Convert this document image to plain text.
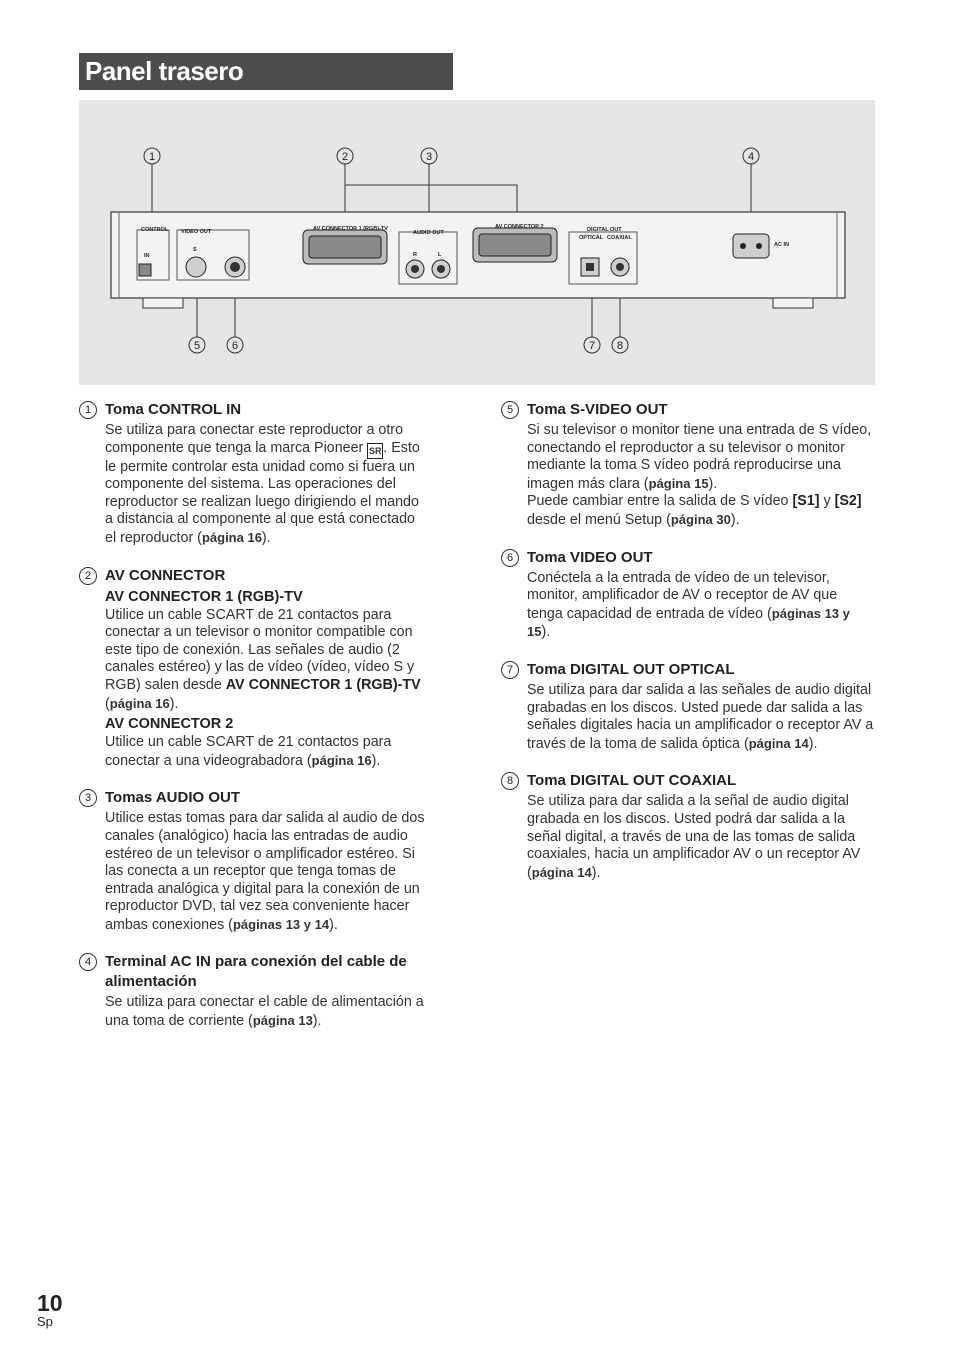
Panel trasero
1	2	3	4
5	6	7 8
CONTROL
IN
VIDEO OUT
S
AV CONNECTOR 1 (RGB)-TV
AUDIO OUT
R	L
AV CONNECTOR 2	DIGITAL OUT
OPTICAL COAXIAL
AC IN
1 Toma CONTROL IN
Se utiliza para conectar este reproductor a otro componente que tenga la marca Pioneer SR . Esto le permite controlar esta unidad como si fuera un componente del sistema. Las operaciones del reproductor se realizan luego dirigiendo el mando a distancia al componente al que está conectado el reproductor (página 16).
2 AV CONNECTOR
AV CONNECTOR 1 (RGB)-TV
Utilice un cable SCART de 21 contactos para conectar a un televisor o monitor compatible con este tipo de conexión. Las señales de audio (2 canales estéreo) y las de vídeo (vídeo, vídeo S y RGB) salen desde AV CONNECTOR 1 (RGB)-TV (página 16).
AV CONNECTOR 2
Utilice un cable SCART de 21 contactos para conectar a una videograbadora (página 16).
3 Tomas AUDIO OUT
Utilice estas tomas para dar salida al audio de dos canales (analógico) hacia las entradas de audio estéreo de un televisor o amplificador estéreo. Si las conecta a un receptor que tenga tomas de entrada analógica y digital para la conexión de un reproductor DVD, tal vez sea conveniente hacer ambas conexiones (páginas 13 y 14).
4 Terminal AC IN para conexión del cable de alimentación
Se utiliza para conectar el cable de alimentación a una toma de corriente (página 13).
5 Toma S-VIDEO OUT
Si su televisor o monitor tiene una entrada de S vídeo, conectando el reproductor a su televisor o monitor mediante la toma S vídeo podrá reproducirse una imagen más clara (página 15).
Puede cambiar entre la salida de S vídeo [S1] y [S2] desde el menú Setup (página 30).
6 Toma VIDEO OUT
Conéctela a la entrada de vídeo de un televisor, monitor, amplificador de AV o receptor de AV que tenga capacidad de entrada de vídeo (páginas 13 y 15).
7 Toma DIGITAL OUT OPTICAL
Se utiliza para dar salida a las señales de audio digital grabadas en los discos. Usted puede dar salida a las señales digitales hacia un amplificador o receptor AV a través de la toma de salida óptica (página 14).
8 Toma DIGITAL OUT COAXIAL
Se utiliza para dar salida a la señal de audio digital grabada en los discos. Usted podrá dar salida a la señal digital, a través de una de las tomas de salida coaxiales, hacia un amplificador AV o un receptor AV (página 14).
10
Sp
